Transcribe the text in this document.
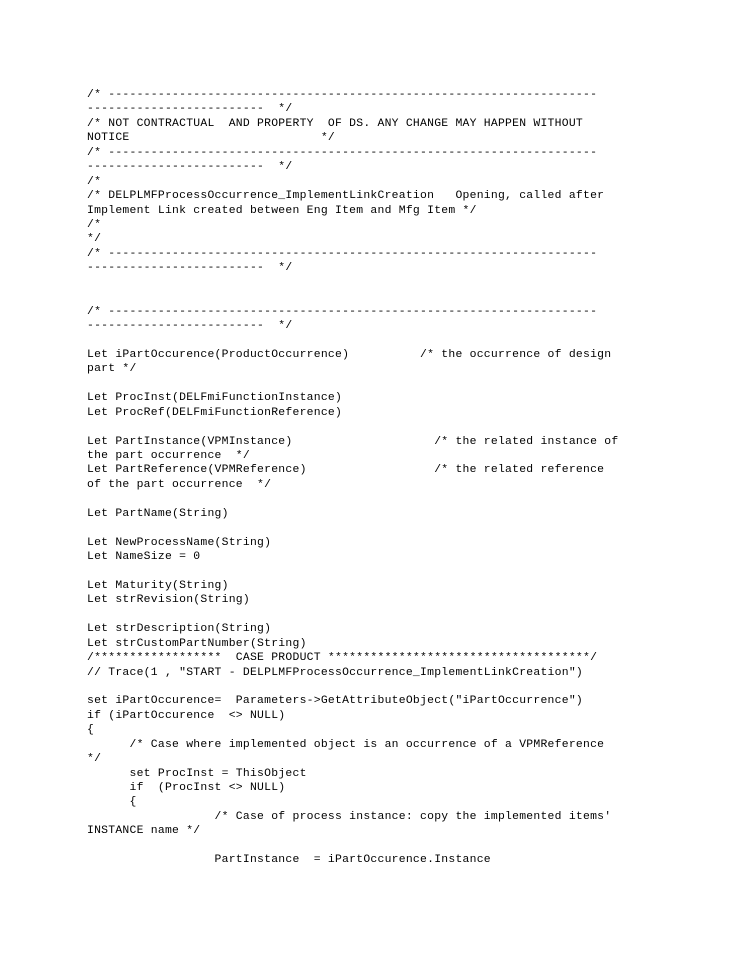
/* ---------------------------------------------------------------------
-------------------------  */
/* NOT CONTRACTUAL  AND PROPERTY  OF DS. ANY CHANGE MAY HAPPEN WITHOUT
NOTICE                           */
/* ---------------------------------------------------------------------
-------------------------  */
/*
/* DELPLMFProcessOccurrence_ImplementLinkCreation   Opening, called after
Implement Link created between Eng Item and Mfg Item */
/*
*/
/* ---------------------------------------------------------------------
-------------------------  */
/* ---------------------------------------------------------------------
-------------------------  */
Let iPartOccurence(ProductOccurrence)          /* the occurrence of design
part */
Let ProcInst(DELFmiFunctionInstance)
Let ProcRef(DELFmiFunctionReference)
Let PartInstance(VPMInstance)                    /* the related instance of
the part occurrence  */
Let PartReference(VPMReference)                  /* the related reference
of the part occurrence  */
Let PartName(String)
Let NewProcessName(String)
Let NameSize = 0
Let Maturity(String)
Let strRevision(String)
Let strDescription(String)
Let strCustomPartNumber(String)
/******************  CASE PRODUCT *************************************/
// Trace(1 , "START - DELPLMFProcessOccurrence_ImplementLinkCreation")
set iPartOccurence=  Parameters->GetAttributeObject("iPartOccurrence")
if (iPartOccurence  <> NULL)
{
/* Case where implemented object is an occurrence of a VPMReference
*/
set ProcInst = ThisObject
if  (ProcInst <> NULL)
{
/* Case of process instance: copy the implemented items'
INSTANCE name */
PartInstance  = iPartOccurence.Instance
